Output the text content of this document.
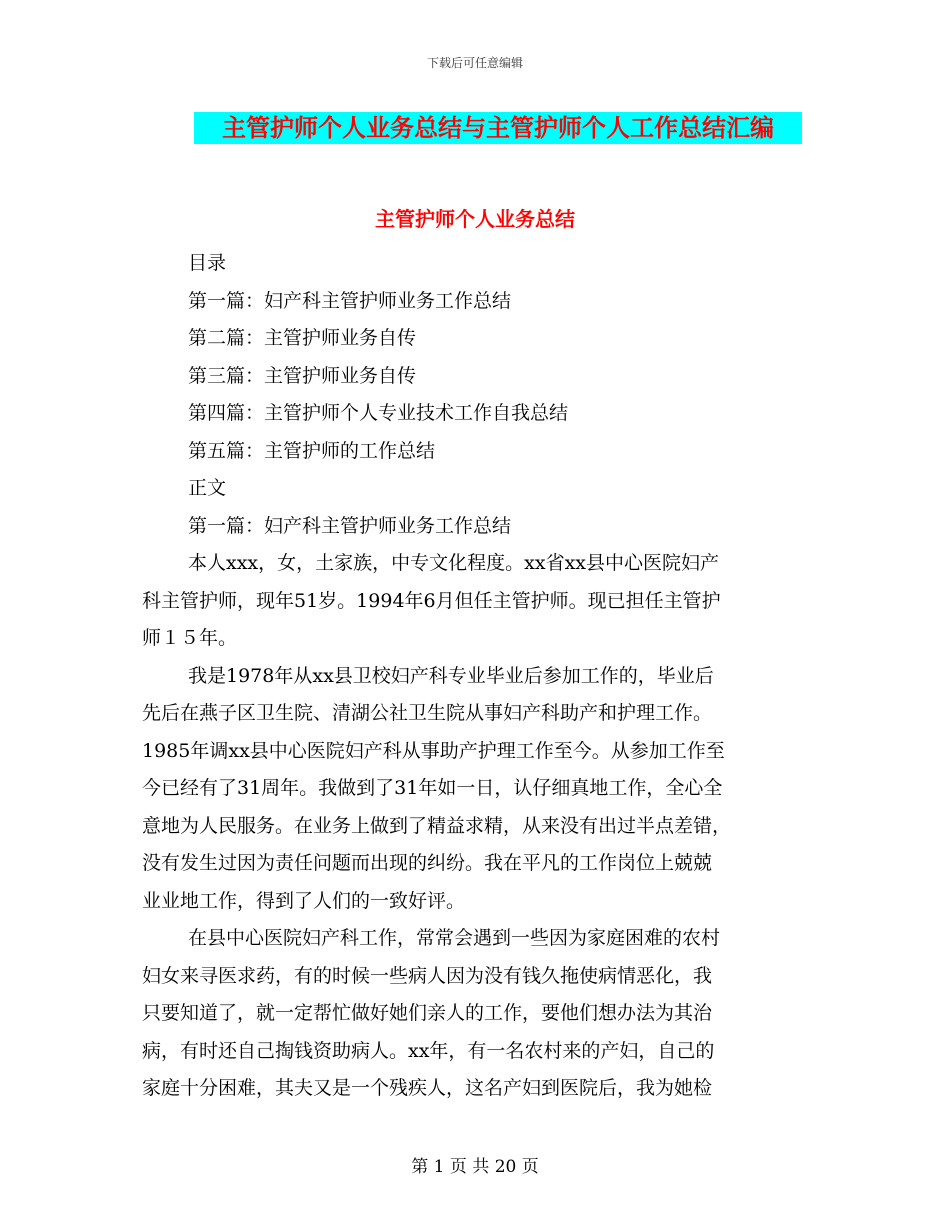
下载后可任意编辑
主管护师个人业务总结与主管护师个人工作总结汇编
主管护师个人业务总结
目录
第一篇：妇产科主管护师业务工作总结
第二篇：主管护师业务自传
第三篇：主管护师业务自传
第四篇：主管护师个人专业技术工作自我总结
第五篇：主管护师的工作总结
正文
第一篇：妇产科主管护师业务工作总结
本人xxx，女，土家族，中专文化程度。xx省xx县中心医院妇产
科主管护师，现年51岁。1994年6月但任主管护师。现已担任主管护
师１５年。
我是1978年从xx县卫校妇产科专业毕业后参加工作的，毕业后
先后在燕子区卫生院、清湖公社卫生院从事妇产科助产和护理工作。
1985年调xx县中心医院妇产科从事助产护理工作至今。从参加工作至
今已经有了31周年。我做到了31年如一日，认仔细真地工作，全心全
意地为人民服务。在业务上做到了精益求精，从来没有出过半点差错，
没有发生过因为责任问题而出现的纠纷。我在平凡的工作岗位上兢兢
业业地工作，得到了人们的一致好评。
在县中心医院妇产科工作，常常会遇到一些因为家庭困难的农村
妇女来寻医求药，有的时候一些病人因为没有钱久拖使病情恶化，我
只要知道了，就一定帮忙做好她们亲人的工作，要他们想办法为其治
病，有时还自己掏钱资助病人。xx年，有一名农村来的产妇，自己的
家庭十分困难，其夫又是一个残疾人，这名产妇到医院后，我为她检
第 1 页 共 20 页
